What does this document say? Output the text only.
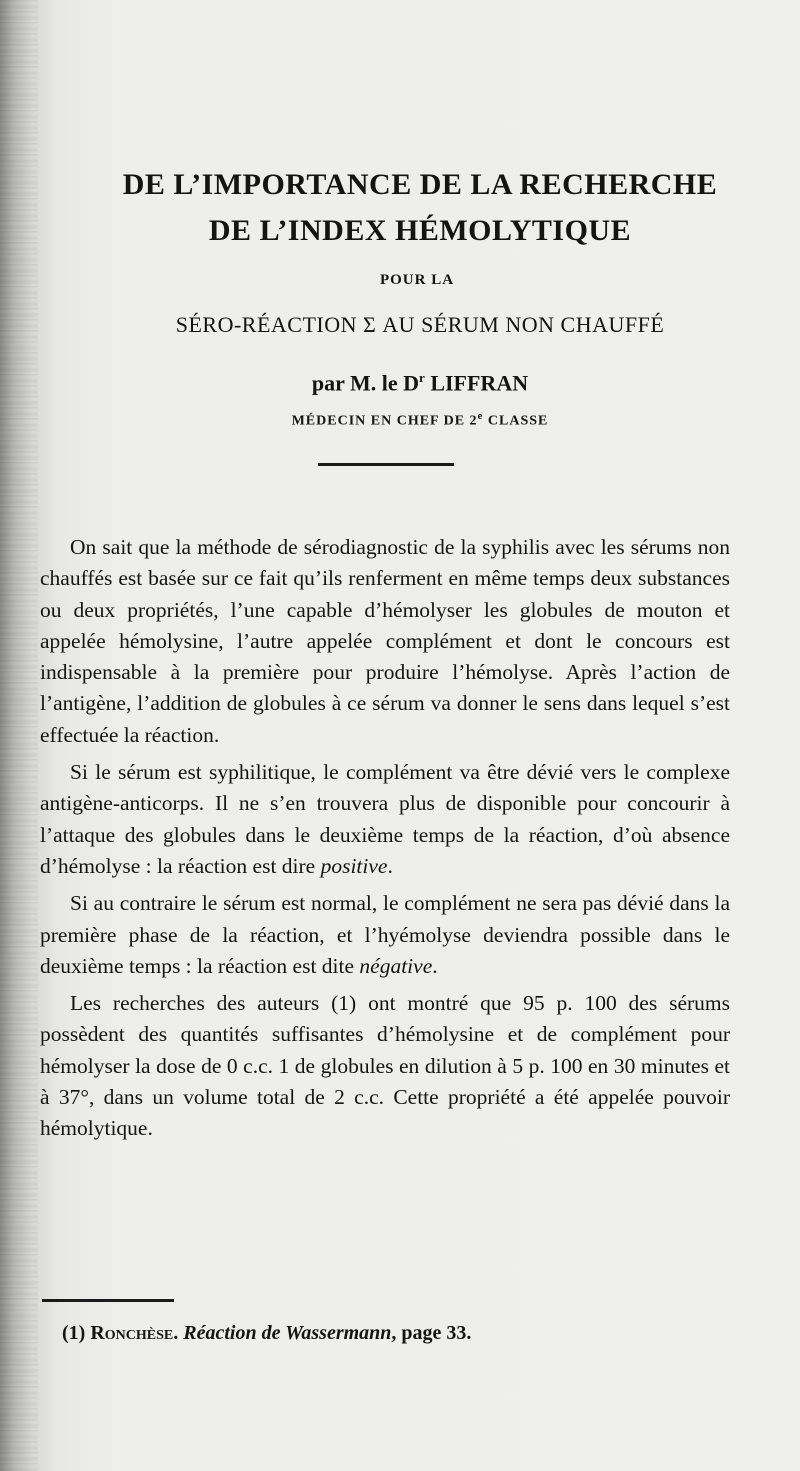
DE L’IMPORTANCE DE LA RECHERCHE
DE L’INDEX HÉMOLYTIQUE
POUR LA
SÉRO-RÉACTION Σ AU SÉRUM NON CHAUFFÉ
par M. le $D^r$ LIFFRAN
MÉDECIN EN CHEF DE 2e CLASSE

On sait que la méthode de sérodiagnostic de la syphilis avec les sérums non chauffés est basée sur ce fait qu’ils renferment en même temps deux substances ou deux propriétés, l’une capable d’hémolyser les globules de mouton et appelée hémolysine, l’autre appelée complément et dont le concours est indispensable à la première pour produire l’hémolyse. Après l’action de l’antigène, l’addition de globules à ce sérum va donner le sens dans lequel s’est effectuée la réaction.

Si le sérum est syphilitique, le complément va être dévié vers le complexe antigène-anticorps. Il ne s’en trouvera plus de disponible pour concourir à l’attaque des globules dans le deuxième temps de la réaction, d’où absence d’hémolyse : la réaction est dire positive.

Si au contraire le sérum est normal, le complément ne sera pas dévié dans la première phase de la réaction, et l’hyémolyse deviendra possible dans le deuxième temps : la réaction est dite négative.

Les recherches des auteurs (1) ont montré que 95 p. 100 des sérums possèdent des quantités suffisantes d’hémolysine et de complément pour hémolyser la dose de 0 c.c. 1 de globules en dilution à 5 p. 100 en 30 minutes et à 37°, dans un volume total de 2 c.c. Cette propriété a été appelée pouvoir hémolytique.

(1) Ronchèse. Réaction de Wassermann, page 33.
